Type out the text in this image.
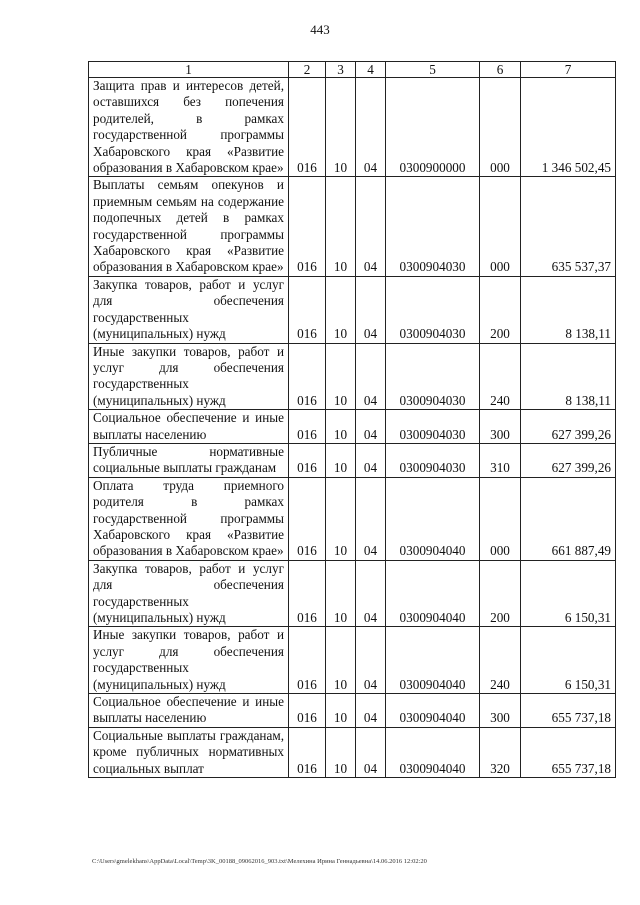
443
1	2	3	4	5	6	7
Защита прав и интересов детей, оставшихся без попечения родителей, в рамках государственной программы Хабаровского края «Развитие образования в Хабаровском крае»	016	10	04	0300900000	000	1 346 502,45
Выплаты семьям опекунов и приемным семьям на содержание подопечных детей в рамках государственной программы Хабаровского края «Развитие образования в Хабаровском крае»	016	10	04	0300904030	000	635 537,37
Закупка товаров, работ и услуг для обеспечения государственных (муниципальных) нужд	016	10	04	0300904030	200	8 138,11
Иные закупки товаров, работ и услуг для обеспечения государственных (муниципальных) нужд	016	10	04	0300904030	240	8 138,11
Социальное обеспечение и иные выплаты населению	016	10	04	0300904030	300	627 399,26
Публичные нормативные социальные выплаты гражданам	016	10	04	0300904030	310	627 399,26
Оплата труда приемного родителя в рамках государственной программы Хабаровского края «Развитие образования в Хабаровском крае»	016	10	04	0300904040	000	661 887,49
Закупка товаров, работ и услуг для обеспечения государственных (муниципальных) нужд	016	10	04	0300904040	200	6 150,31
Иные закупки товаров, работ и услуг для обеспечения государственных (муниципальных) нужд	016	10	04	0300904040	240	6 150,31
Социальное обеспечение и иные выплаты населению	016	10	04	0300904040	300	655 737,18
Социальные выплаты гражданам, кроме публичных нормативных социальных выплат	016	10	04	0300904040	320	655 737,18
C:\Users\gmelekhans\AppData\Local\Temp\3K_00188_09062016_903.txt\Мелехина Ирина Геннадьевна\14.06.2016 12:02:20
